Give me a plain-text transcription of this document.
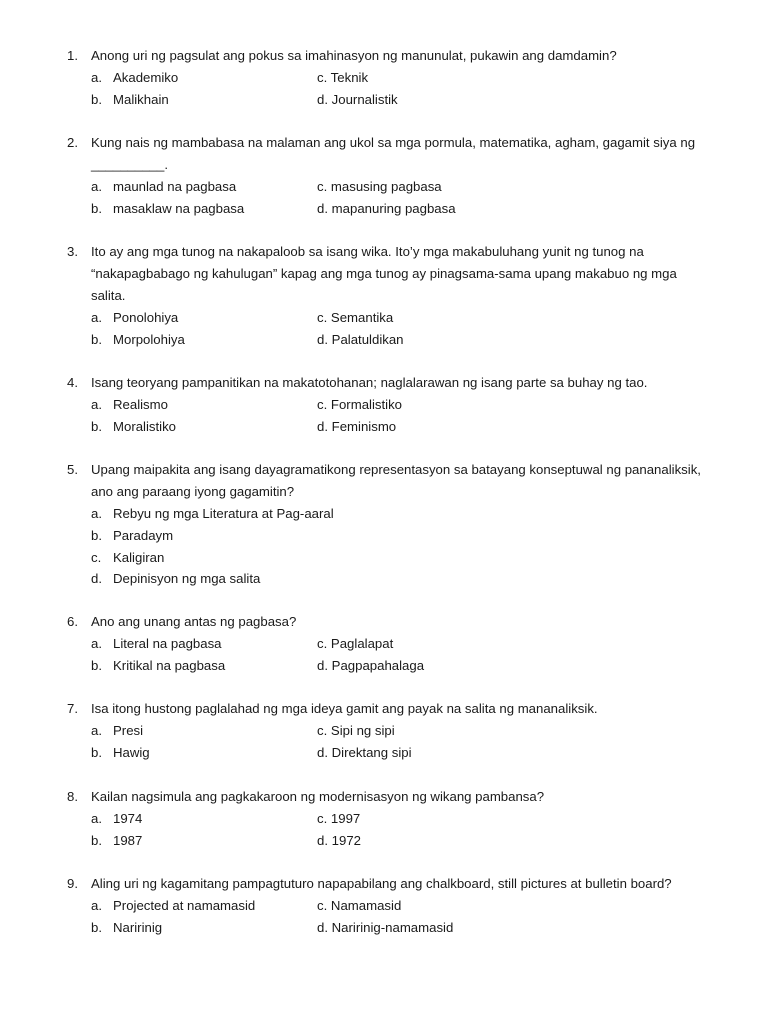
1. Anong uri ng pagsulat ang pokus sa imahinasyon ng manunulat, pukawin ang damdamin?
a. Akademiko	c. Teknik
b. Malikhain	d. Journalistik
2. Kung nais ng mambabasa na malaman ang ukol sa mga pormula, matematika, agham, gagamit siya ng
__________.
a. maunlad na pagbasa	c. masusing pagbasa
b. masaklaw na pagbasa	d. mapanuring pagbasa
3. Ito ay ang mga tunog na nakapaloob sa isang wika. Ito’y mga makabuluhang yunit ng tunog na
“nakapagbabago ng kahulugan” kapag ang mga tunog ay pinagsama-sama upang makabuo ng mga
salita.
a. Ponolohiya	c. Semantika
b. Morpolohiya	d. Palatuldikan
4. Isang teoryang pampanitikan na makatotohanan; naglalarawan ng isang parte sa buhay ng tao.
a. Realismo	c. Formalistiko
b. Moralistiko	d. Feminismo
5. Upang maipakita ang isang dayagramatikong representasyon sa batayang konseptuwal ng pananaliksik,
ano ang paraang iyong gagamitin?
a. Rebyu ng mga Literatura at Pag-aaral
b. Paradaym
c. Kaligiran
d. Depinisyon ng mga salita
6. Ano ang unang antas ng pagbasa?
a. Literal na pagbasa	c. Paglalapat
b. Kritikal na pagbasa	d. Pagpapahalaga
7. Isa itong hustong paglalahad ng mga ideya gamit ang payak na salita ng mananaliksik.
a. Presi	c. Sipi ng sipi
b. Hawig	d. Direktang sipi
8. Kailan nagsimula ang pagkakaroon ng modernisasyon ng wikang pambansa?
a. 1974	c. 1997
b. 1987	d. 1972
9. Aling uri ng kagamitang pampagtuturo napapabilang ang chalkboard, still pictures at bulletin board?
a. Projected at namamasid	c. Namamasid
b. Naririnig	d. Naririnig-namamasid
